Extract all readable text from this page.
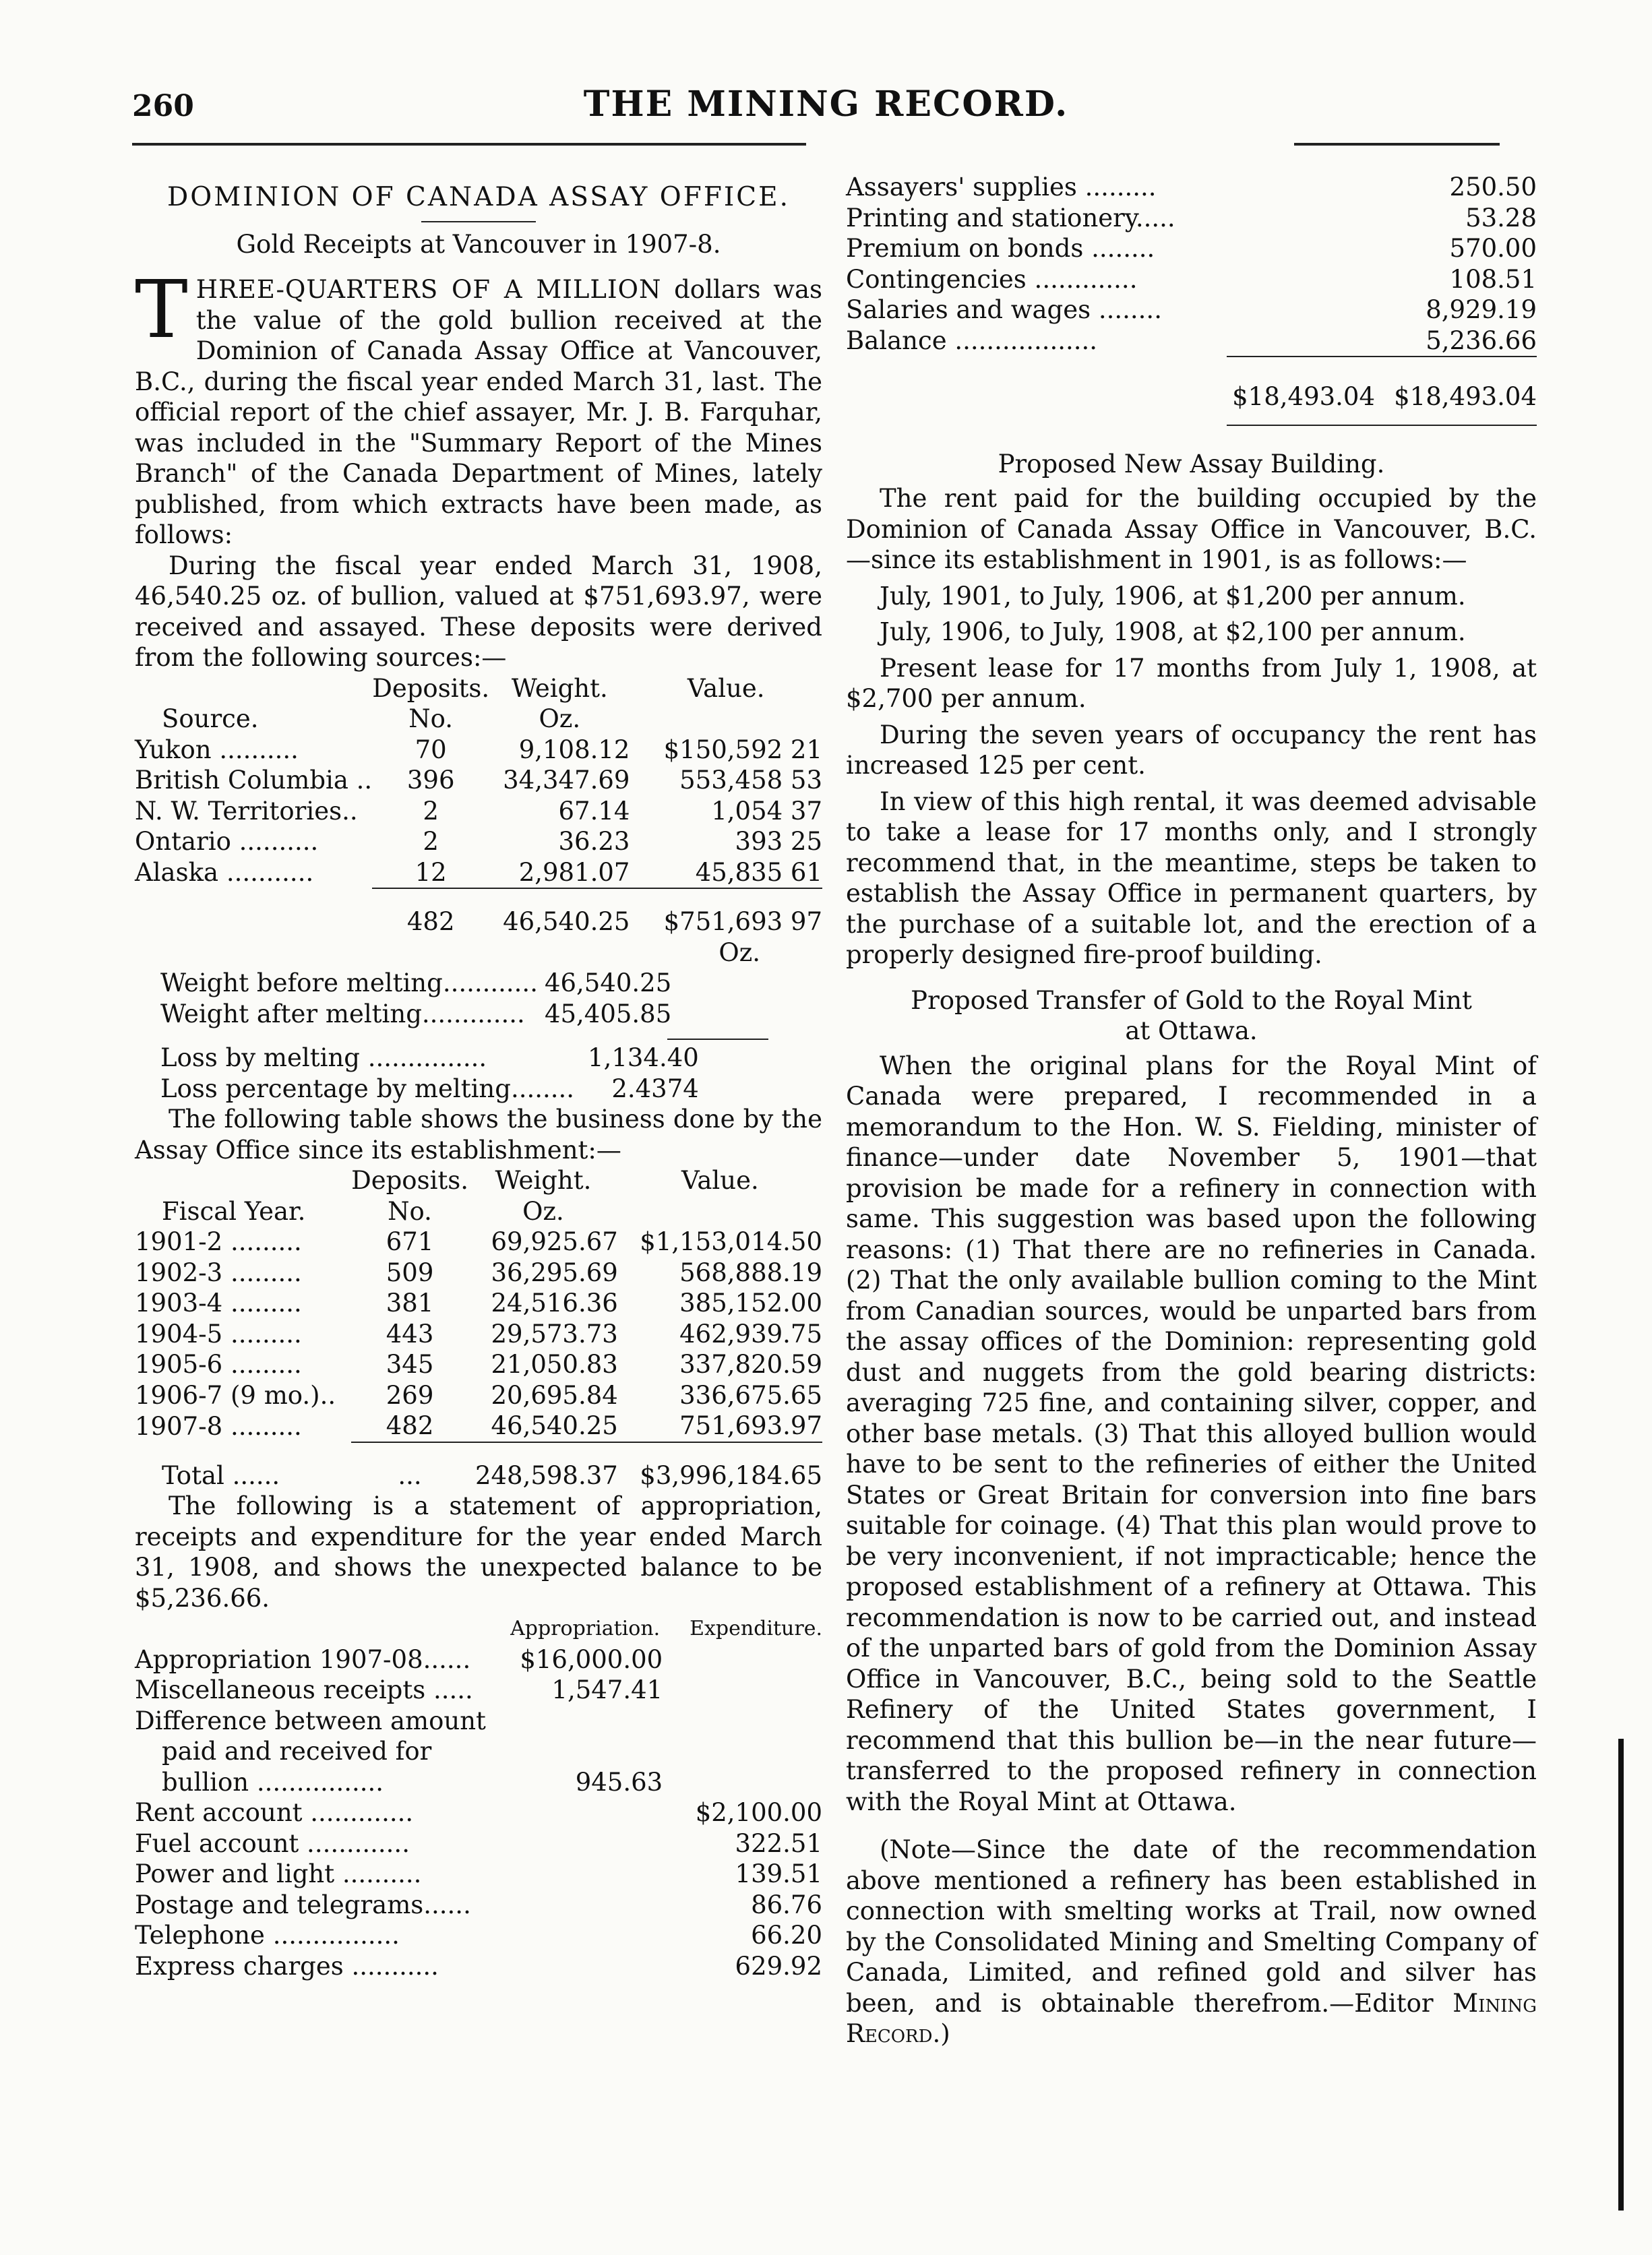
260	THE MINING RECORD.
DOMINION OF CANADA ASSAY OFFICE.
Gold Receipts at Vancouver in 1907-8.

THREE-QUARTERS OF A MILLION dollars was the value of the gold bullion received at the Dominion of Canada Assay Office at Vancouver, B.C., during the fiscal year ended March 31, last. The official report of the chief assayer, Mr. J. B. Farquhar, was included in the "Summary Report of the Mines Branch" of the Canada Department of Mines, lately published, from which extracts have been made, as follows:

During the fiscal year ended March 31, 1908, 46,540.25 oz. of bullion, valued at $751,693.97, were received and assayed. These deposits were derived from the following sources:—

	Deposits.	Weight.	Value.
Source.	No.	Oz.	
Yukon ..........	70	9,108.12	$150,592 21
British Columbia ..	396	34,347.69	553,458 53
N. W. Territories..	2	67.14	1,054 37
Ontario ..........	2	36.23	393 25
Alaska ...........	12	2,981.07	45,835 61

	482	46,540.25	$751,693 97
			Oz.
Weight before melting............	46,540.25
Weight after melting.............	45,405.85
Loss by melting ...............	1,134.40
Loss percentage by melting........	2.4374

The following table shows the business done by the Assay Office since its establishment:—

	Deposits.	Weight.	Value.
Fiscal Year.	No.	Oz.	
1901-2 .........	671	69,925.67	$1,153,014.50
1902-3 .........	509	36,295.69	568,888.19
1903-4 .........	381	24,516.36	385,152.00
1904-5 .........	443	29,573.73	462,939.75
1905-6 .........	345	21,050.83	337,820.59
1906-7 (9 mo.)..	269	20,695.84	336,675.65
1907-8 .........	482	46,540.25	751,693.97

Total ......	...	248,598.37	$3,996,184.65

The following is a statement of appropriation, receipts and expenditure for the year ended March 31, 1908, and shows the unexpected balance to be $5,236.66.

	Appropriation.	Expenditure.
Appropriation 1907-08......	$16,000.00	
Miscellaneous receipts .....	1,547.41	
Difference between amount		
paid and received for		
bullion ................	945.63	
Rent account .............		$2,100.00
Fuel account .............		322.51
Power and light ..........		139.51
Postage and telegrams......		86.76
Telephone ................		66.20
Express charges ...........		629.92
Assayers' supplies .........		250.50
Printing and stationery.....		53.28
Premium on bonds ........		570.00
Contingencies .............		108.51
Salaries and wages ........		8,929.19
Balance ..................		5,236.66

	$18,493.04	$18,493.04

Proposed New Assay Building.

The rent paid for the building occupied by the Dominion of Canada Assay Office in Vancouver, B.C. —since its establishment in 1901, is as follows:—

July, 1901, to July, 1906, at $1,200 per annum.

July, 1906, to July, 1908, at $2,100 per annum.

Present lease for 17 months from July 1, 1908, at $2,700 per annum.

During the seven years of occupancy the rent has increased 125 per cent.

In view of this high rental, it was deemed advisable to take a lease for 17 months only, and I strongly recommend that, in the meantime, steps be taken to establish the Assay Office in permanent quarters, by the purchase of a suitable lot, and the erection of a properly designed fire-proof building.

Proposed Transfer of Gold to the Royal Mint
at Ottawa.

When the original plans for the Royal Mint of Canada were prepared, I recommended in a memorandum to the Hon. W. S. Fielding, minister of finance—under date November 5, 1901—that provision be made for a refinery in connection with same. This suggestion was based upon the following reasons: (1) That there are no refineries in Canada. (2) That the only available bullion coming to the Mint from Canadian sources, would be unparted bars from the assay offices of the Dominion: representing gold dust and nuggets from the gold bearing districts: averaging 725 fine, and containing silver, copper, and other base metals. (3) That this alloyed bullion would have to be sent to the refineries of either the United States or Great Britain for conversion into fine bars suitable for coinage. (4) That this plan would prove to be very inconvenient, if not impracticable; hence the proposed establishment of a refinery at Ottawa. This recommendation is now to be carried out, and instead of the unparted bars of gold from the Dominion Assay Office in Vancouver, B.C., being sold to the Seattle Refinery of the United States government, I recommend that this bullion be—in the near future—transferred to the proposed refinery in connection with the Royal Mint at Ottawa.

(Note—Since the date of the recommendation above mentioned a refinery has been established in connection with smelting works at Trail, now owned by the Consolidated Mining and Smelting Company of Canada, Limited, and refined gold and silver has been, and is obtainable therefrom.—Editor Mining Record.)
